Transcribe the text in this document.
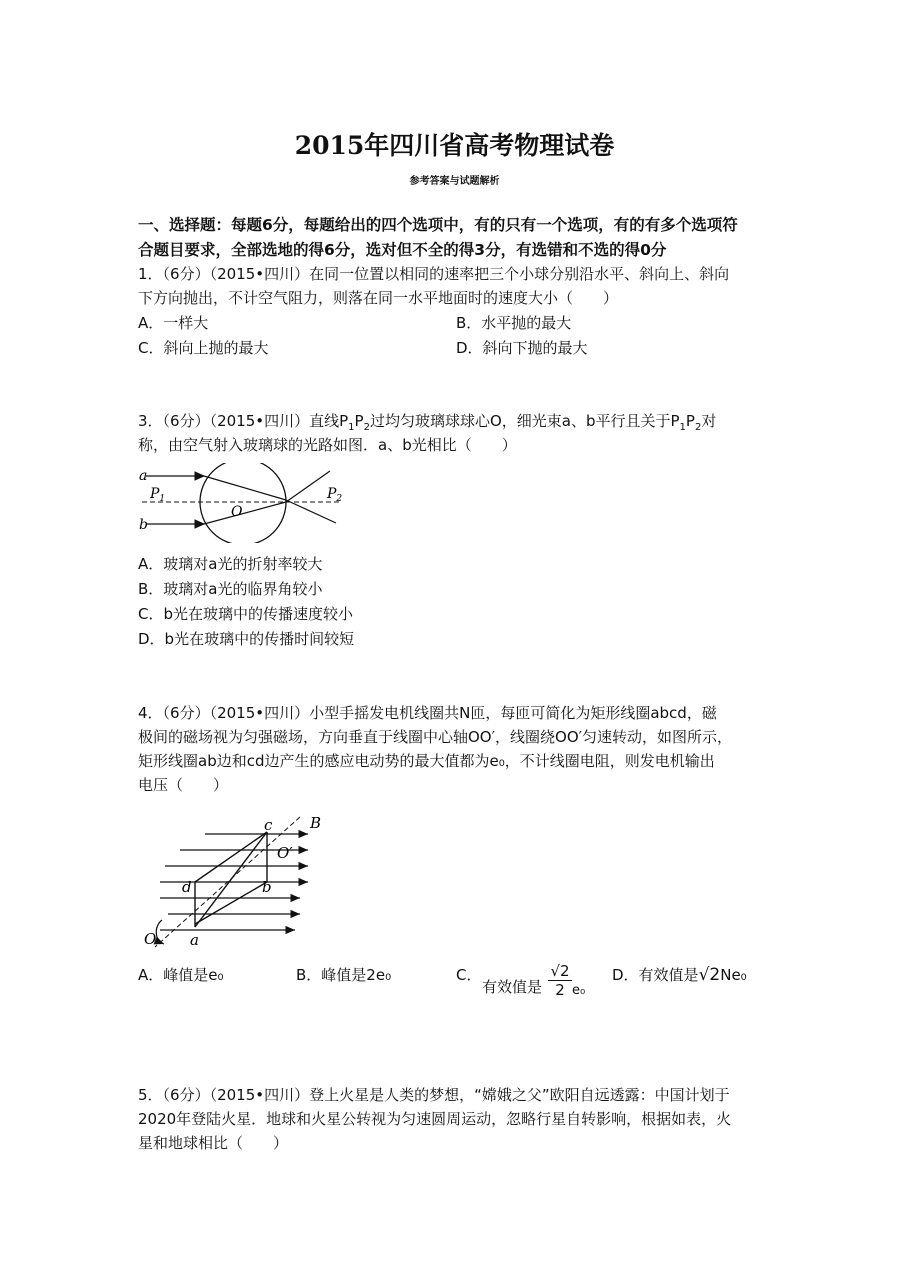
2015年四川省高考物理试卷
参考答案与试题解析
一、选择题：每题6分，每题给出的四个选项中，有的只有一个选项，有的有多个选项符
合题目要求，全部选地的得6分，选对但不全的得3分，有选错和不选的得0分
1．（6分）（2015•四川）在同一位置以相同的速率把三个小球分别沿水平、斜向上、斜向
下方向抛出，不计空气阻力，则落在同一水平地面时的速度大小（　　）
A．一样大	B．水平抛的最大
C．斜向上抛的最大	D．斜向下抛的最大
3．（6分）（2015•四川）直线$P_1P_2$过均匀玻璃球球心O，细光束a、b平行且关于$P_1P_2$对
称，由空气射入玻璃球的光路如图．a、b光相比（　　）
a
b
$P_1$	$P_2$
O
A．玻璃对a光的折射率较大
B．玻璃对a光的临界角较小
C．b光在玻璃中的传播速度较小
D．b光在玻璃中的传播时间较短
4．（6分）（2015•四川）小型手摇发电机线圈共N匝，每匝可简化为矩形线圈abcd，磁
极间的磁场视为匀强磁场，方向垂直于线圈中心轴OO′，线圈绕OO′匀速转动，如图所示，
矩形线圈ab边和cd边产生的感应电动势的最大值都为e₀，不计线圈电阻，则发电机输出
电压（　　）
c	B
O′
d	b
O a
A．峰值是e₀	B．峰值是2e₀	C．
有效值是 $\frac{√2}{2} e_0$
D．有效值是√2Ne₀
5．（6分）（2015•四川）登上火星是人类的梦想，“嫦娥之父”欧阳自远透露：中国计划于
2020年登陆火星．地球和火星公转视为匀速圆周运动，忽略行星自转影响，根据如表，火
星和地球相比（　　）
